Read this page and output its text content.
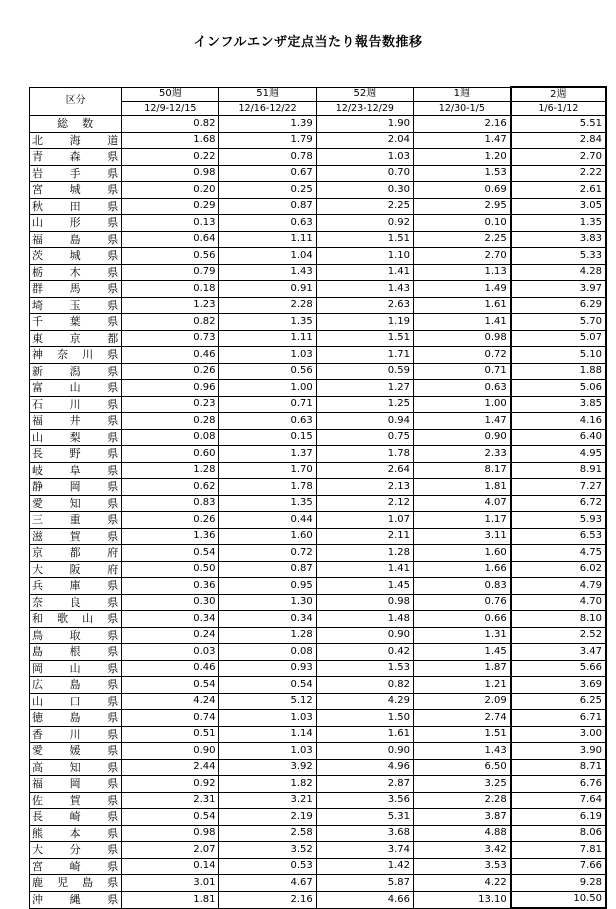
インフルエンザ定点当たり報告数推移
区分	50週	51週	52週	1週	2週
	12/9-12/15	12/16-12/22	12/23-12/29	12/30-1/5	1/6-1/12

総 数	0.82	1.39	1.90	2.16	5.51

北 海 道	1.68	1.79	2.04	1.47	2.84

青 森 県	0.22	0.78	1.03	1.20	2.70

岩 手 県	0.98	0.67	0.70	1.53	2.22

宮 城 県	0.20	0.25	0.30	0.69	2.61

秋 田 県	0.29	0.87	2.25	2.95	3.05

山 形 県	0.13	0.63	0.92	0.10	1.35

福 島 県	0.64	1.11	1.51	2.25	3.83

茨 城 県	0.56	1.04	1.10	2.70	5.33

栃 木 県	0.79	1.43	1.41	1.13	4.28

群 馬 県	0.18	0.91	1.43	1.49	3.97

埼 玉 県	1.23	2.28	2.63	1.61	6.29

千 葉 県	0.82	1.35	1.19	1.41	5.70

東 京 都	0.73	1.11	1.51	0.98	5.07

神 奈 川 県	0.46	1.03	1.71	0.72	5.10

新 潟 県	0.26	0.56	0.59	0.71	1.88

富 山 県	0.96	1.00	1.27	0.63	5.06

石 川 県	0.23	0.71	1.25	1.00	3.85

福 井 県	0.28	0.63	0.94	1.47	4.16

山 梨 県	0.08	0.15	0.75	0.90	6.40

長 野 県	0.60	1.37	1.78	2.33	4.95

岐 阜 県	1.28	1.70	2.64	8.17	8.91

静 岡 県	0.62	1.78	2.13	1.81	7.27

愛 知 県	0.83	1.35	2.12	4.07	6.72

三 重 県	0.26	0.44	1.07	1.17	5.93

滋 賀 県	1.36	1.60	2.11	3.11	6.53

京 都 府	0.54	0.72	1.28	1.60	4.75

大 阪 府	0.50	0.87	1.41	1.66	6.02

兵 庫 県	0.36	0.95	1.45	0.83	4.79

奈 良 県	0.30	1.30	0.98	0.76	4.70

和 歌 山 県	0.34	0.34	1.48	0.66	8.10

鳥 取 県	0.24	1.28	0.90	1.31	2.52

島 根 県	0.03	0.08	0.42	1.45	3.47

岡 山 県	0.46	0.93	1.53	1.87	5.66

広 島 県	0.54	0.54	0.82	1.21	3.69

山 口 県	4.24	5.12	4.29	2.09	6.25

徳 島 県	0.74	1.03	1.50	2.74	6.71

香 川 県	0.51	1.14	1.61	1.51	3.00

愛 媛 県	0.90	1.03	0.90	1.43	3.90

高 知 県	2.44	3.92	4.96	6.50	8.71

福 岡 県	0.92	1.82	2.87	3.25	6.76

佐 賀 県	2.31	3.21	3.56	2.28	7.64

長 崎 県	0.54	2.19	5.31	3.87	6.19

熊 本 県	0.98	2.58	3.68	4.88	8.06

大 分 県	2.07	3.52	3.74	3.42	7.81

宮 崎 県	0.14	0.53	1.42	3.53	7.66

鹿 児 島 県	3.01	4.67	5.87	4.22	9.28

沖 縄 県	1.81	2.16	4.66	13.10	10.50
